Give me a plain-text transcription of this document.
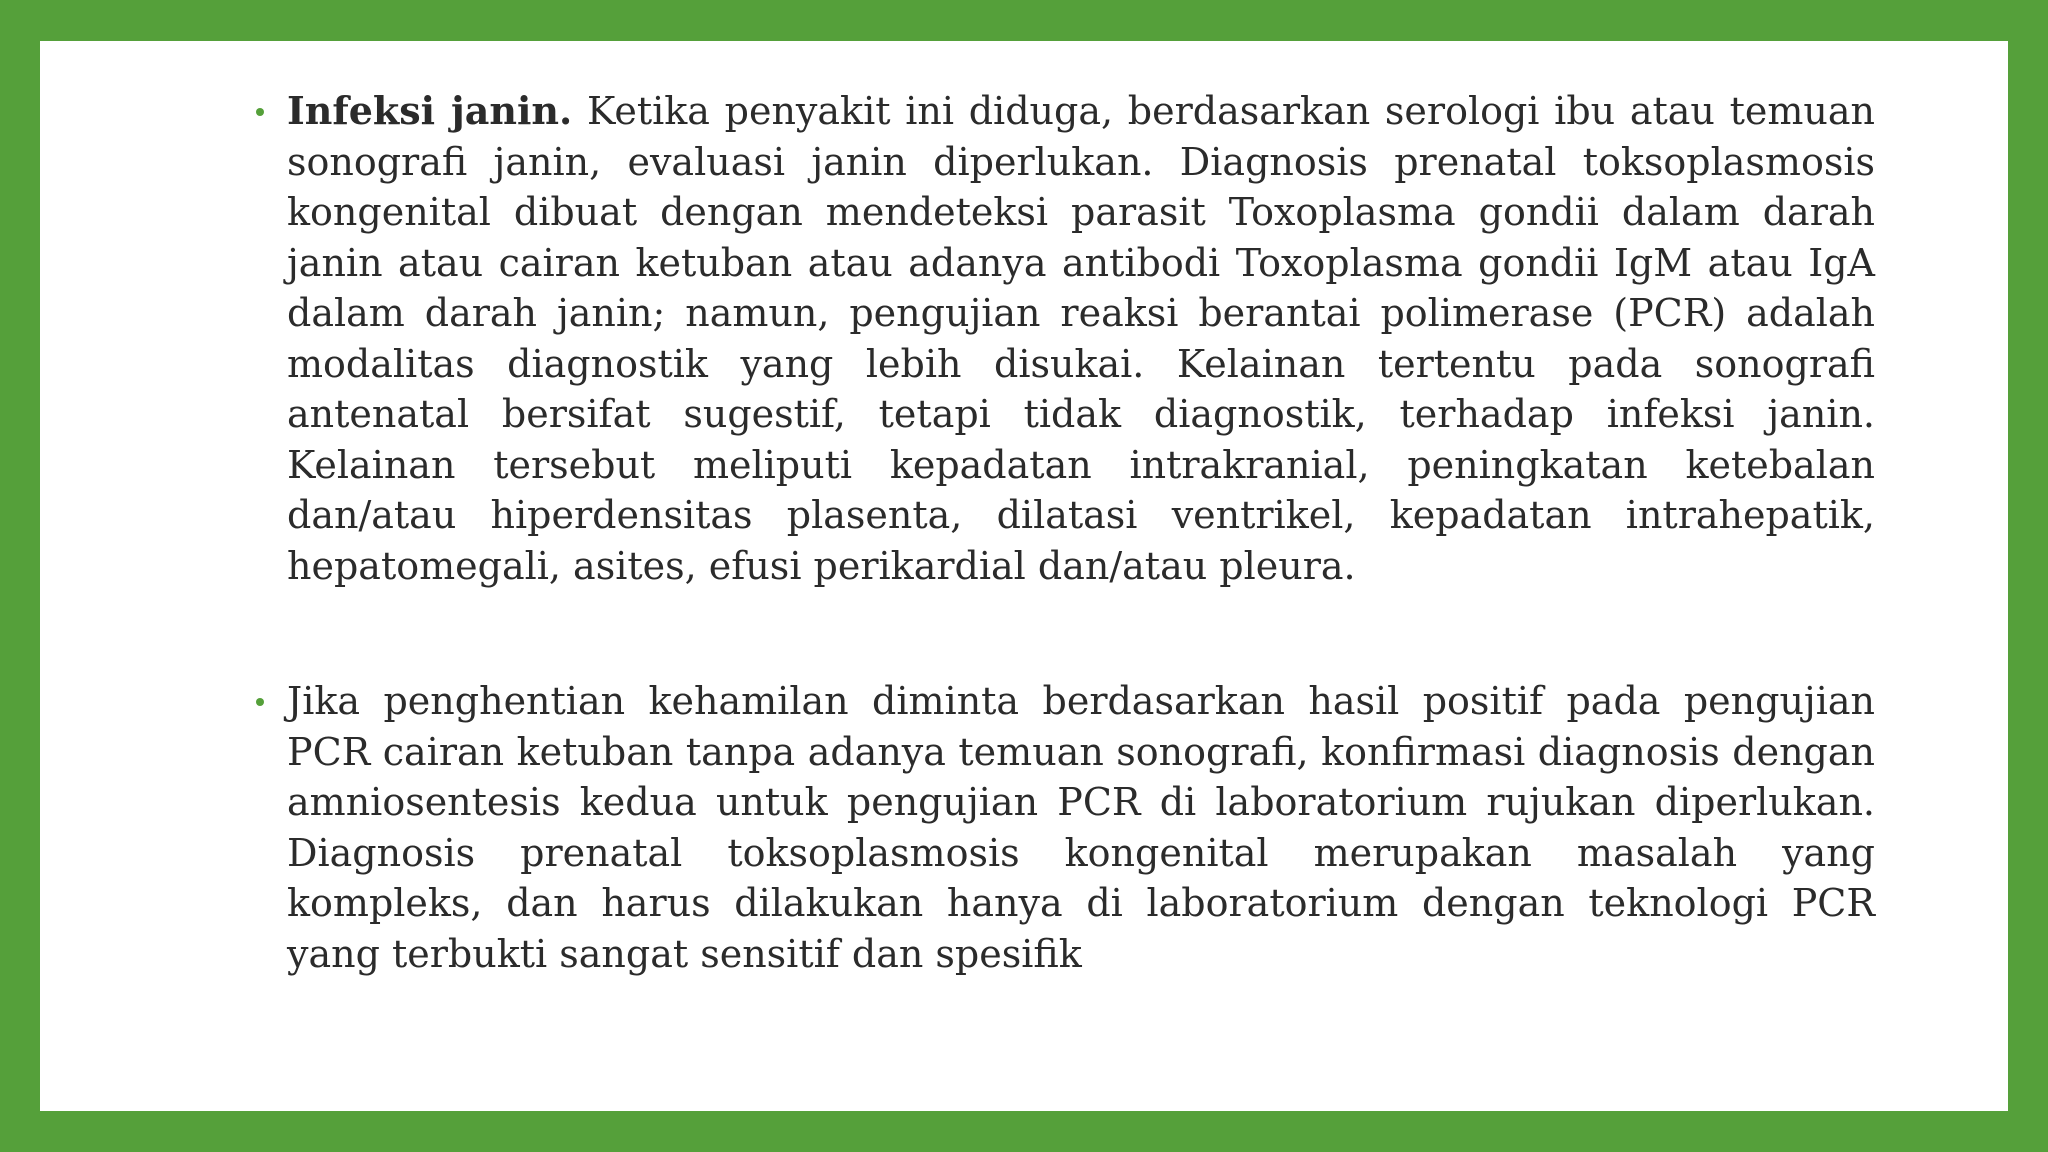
Infeksi janin. Ketika penyakit ini diduga, berdasarkan serologi ibu atau temuan sonografi janin, evaluasi janin diperlukan. Diagnosis prenatal toksoplasmosis kongenital dibuat dengan mendeteksi parasit Toxoplasma gondii dalam darah janin atau cairan ketuban atau adanya antibodi Toxoplasma gondii IgM atau IgA dalam darah janin; namun, pengujian reaksi berantai polimerase (PCR) adalah modalitas diagnostik yang lebih disukai. Kelainan tertentu pada sonografi antenatal bersifat sugestif, tetapi tidak diagnostik, terhadap infeksi janin. Kelainan tersebut meliputi kepadatan intrakranial, peningkatan ketebalan dan/atau hiperdensitas plasenta, dilatasi ventrikel, kepadatan intrahepatik, hepatomegali, asites, efusi perikardial dan/atau pleura.
Jika penghentian kehamilan diminta berdasarkan hasil positif pada pengujian PCR cairan ketuban tanpa adanya temuan sonografi, konfirmasi diagnosis dengan amniosentesis kedua untuk pengujian PCR di laboratorium rujukan diperlukan. Diagnosis prenatal toksoplasmosis kongenital merupakan masalah yang kompleks, dan harus dilakukan hanya di laboratorium dengan teknologi PCR yang terbukti sangat sensitif dan spesifik
